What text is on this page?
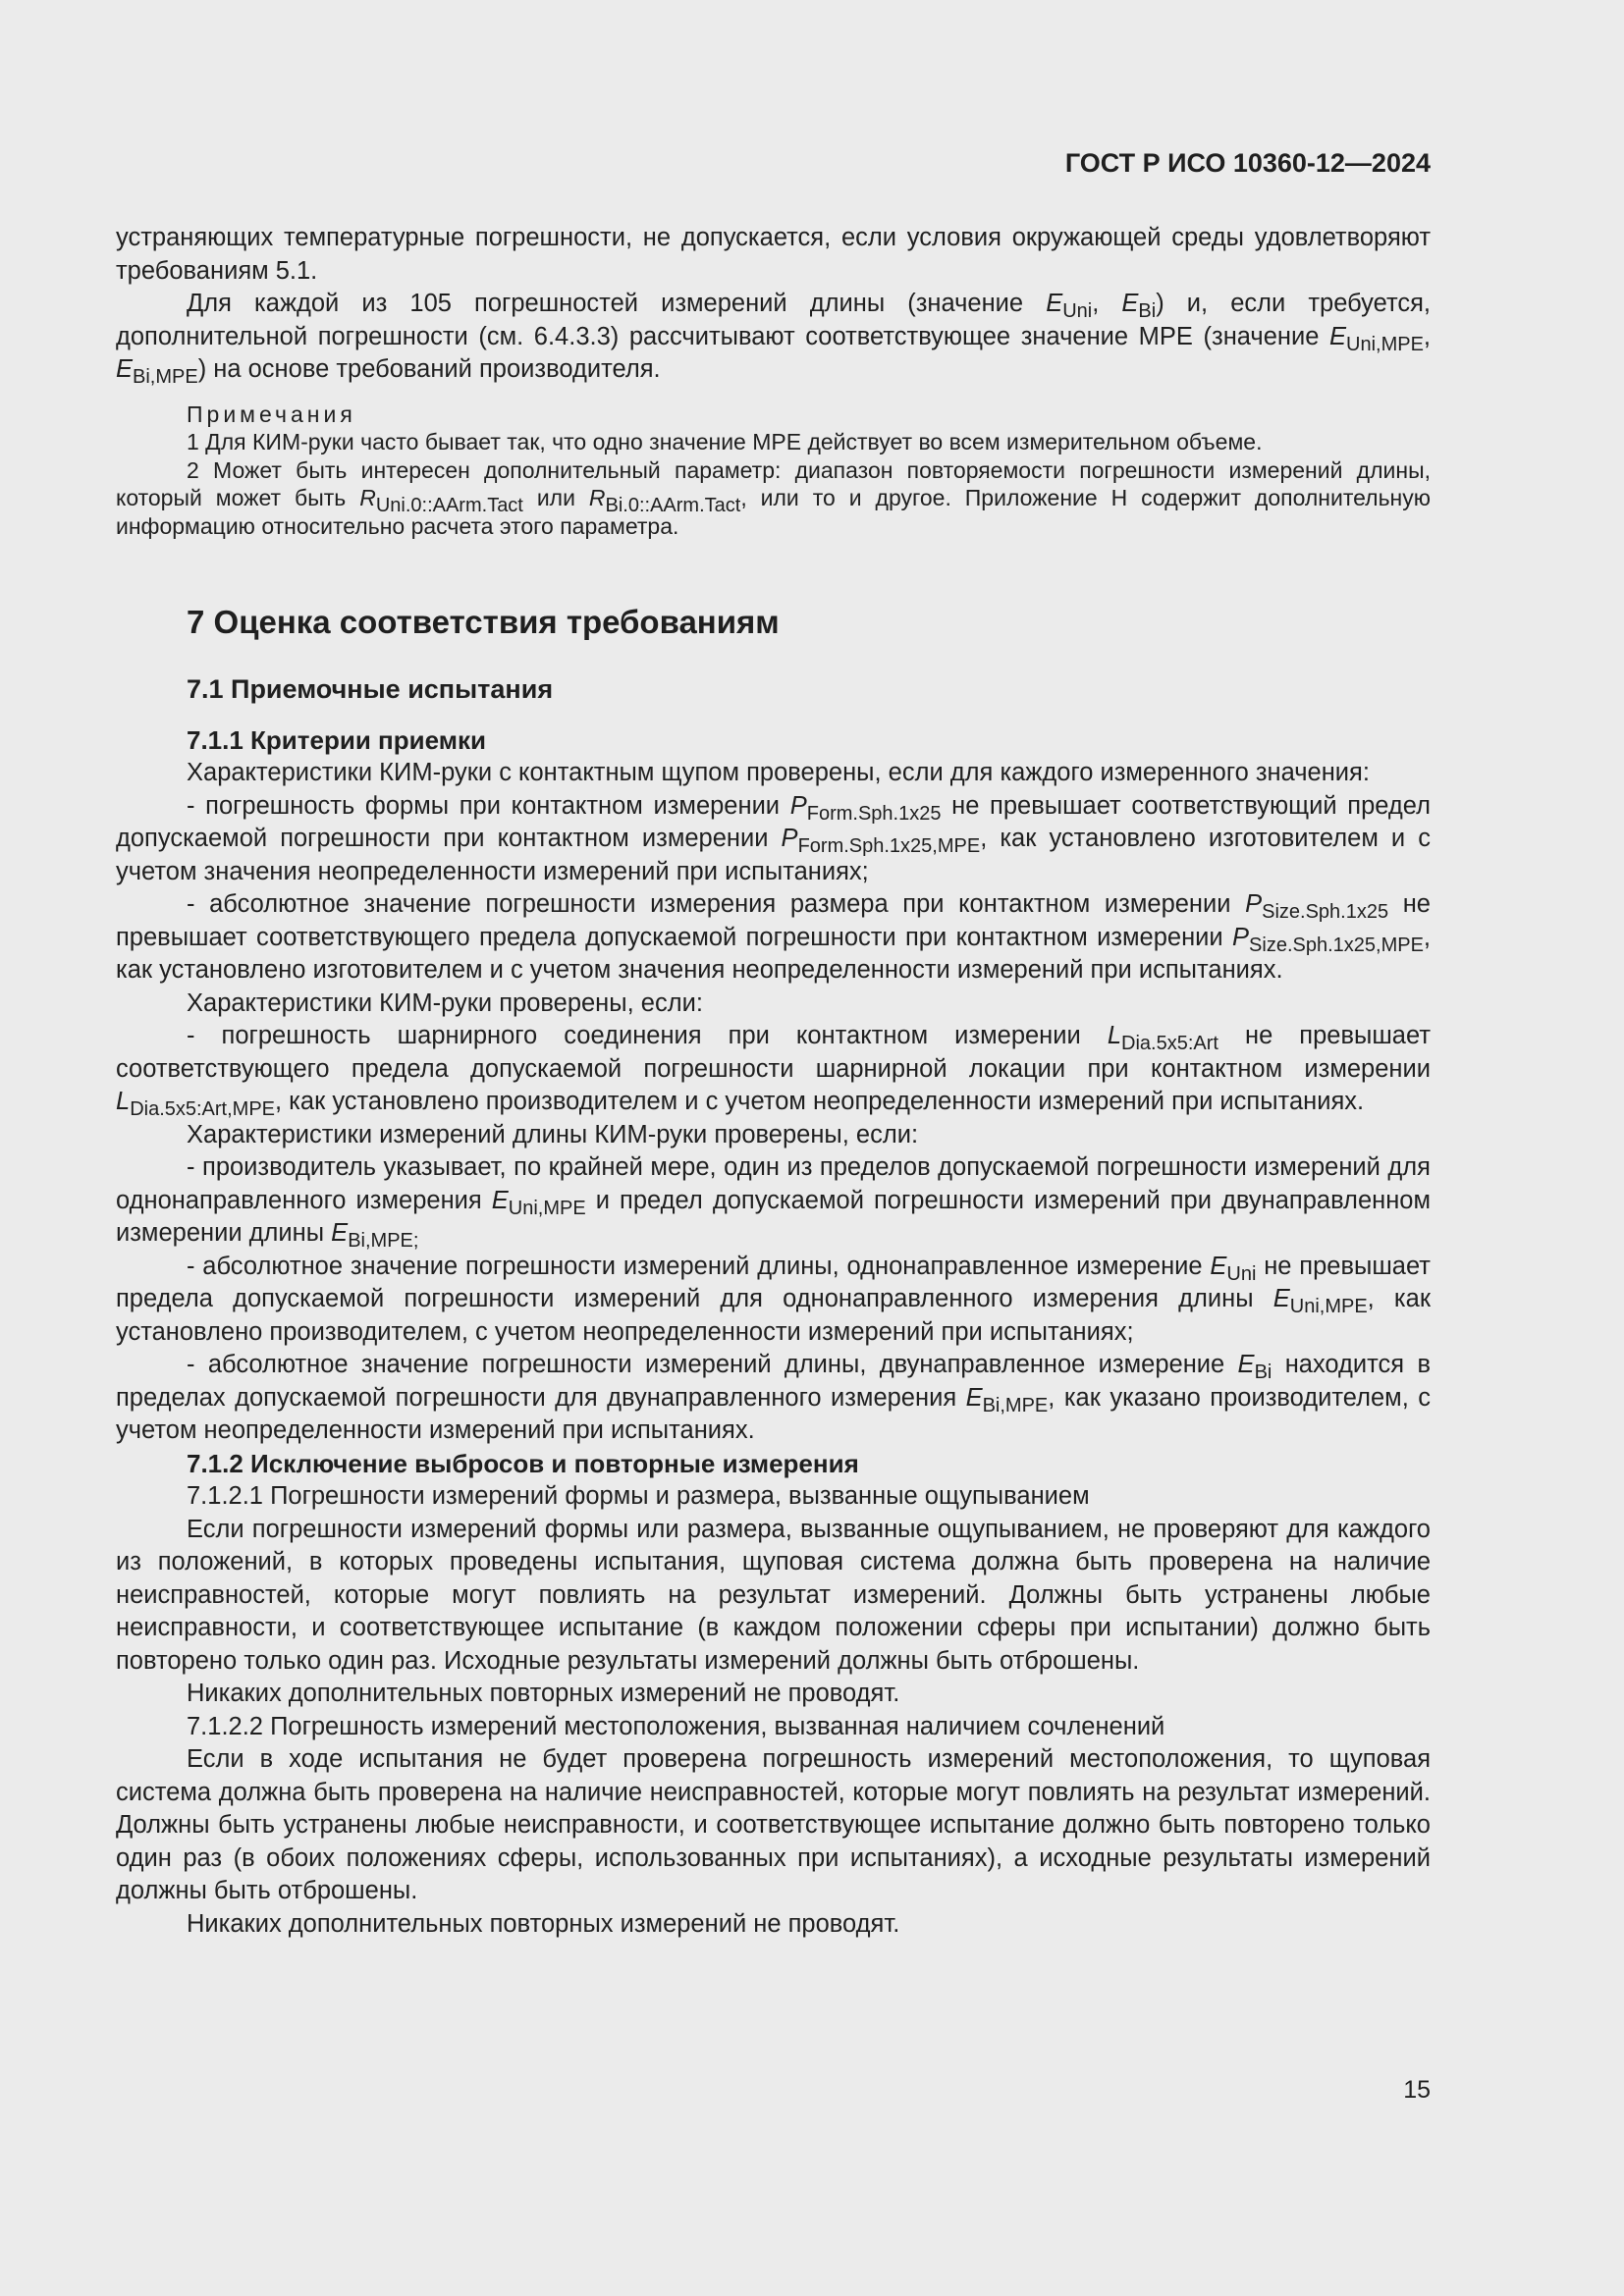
ГОСТ Р ИСО 10360-12—2024

устраняющих температурные погрешности, не допускается, если условия окружающей среды удовлетворяют требованиям 5.1.

Для каждой из 105 погрешностей измерений длины (значение $E_{Uni}$, $E_{Bi}$) и, если требуется, дополнительной погрешности (см. 6.4.3.3) рассчитывают соответствующее значение MPE (значение $E_{Uni,MPE}$, $E_{Bi,MPE}$) на основе требований производителя.

Примечания

1 Для КИМ-руки часто бывает так, что одно значение MPE действует во всем измерительном объеме.

2 Может быть интересен дополнительный параметр: диапазон повторяемости погрешности измерений длины, который может быть $R_{Uni.0::AArm.Tact}$ или $R_{Bi.0::AArm.Tact}$, или то и другое. Приложение H содержит дополнительную информацию относительно расчета этого параметра.

7 Оценка соответствия требованиям
7.1 Приемочные испытания
7.1.1 Критерии приемки

Характеристики КИМ-руки с контактным щупом проверены, если для каждого измеренного значения:

- погрешность формы при контактном измерении $P_{Form.Sph.1x25}$ не превышает соответствующий предел допускаемой погрешности при контактном измерении $P_{Form.Sph.1x25,MPE}$, как установлено изготовителем и с учетом значения неопределенности измерений при испытаниях;

- абсолютное значение погрешности измерения размера при контактном измерении $P_{Size.Sph.1x25}$ не превышает соответствующего предела допускаемой погрешности при контактном измерении $P_{Size.Sph.1x25,MPE}$, как установлено изготовителем и с учетом значения неопределенности измерений при испытаниях.

Характеристики КИМ-руки проверены, если:

- погрешность шарнирного соединения при контактном измерении $L_{Dia.5x5:Art}$ не превышает соответствующего предела допускаемой погрешности шарнирной локации при контактном измерении $L_{Dia.5x5:Art,MPE}$, как установлено производителем и с учетом неопределенности измерений при испытаниях.

Характеристики измерений длины КИМ-руки проверены, если:

- производитель указывает, по крайней мере, один из пределов допускаемой погрешности измерений для однонаправленного измерения $E_{Uni,MPE}$ и предел допускаемой погрешности измерений при двунаправленном измерении длины $E_{Bi,MPE;}$

- абсолютное значение погрешности измерений длины, однонаправленное измерение $E_{Uni}$ не превышает предела допускаемой погрешности измерений для однонаправленного измерения длины $E_{Uni,MPE}$, как установлено производителем, с учетом неопределенности измерений при испытаниях;

- абсолютное значение погрешности измерений длины, двунаправленное измерение $E_{Bi}$ находится в пределах допускаемой погрешности для двунаправленного измерения $E_{Bi,MPE}$, как указано производителем, с учетом неопределенности измерений при испытаниях.

7.1.2 Исключение выбросов и повторные измерения

7.1.2.1 Погрешности измерений формы и размера, вызванные ощупыванием

Если погрешности измерений формы или размера, вызванные ощупыванием, не проверяют для каждого из положений, в которых проведены испытания, щуповая система должна быть проверена на наличие неисправностей, которые могут повлиять на результат измерений. Должны быть устранены любые неисправности, и соответствующее испытание (в каждом положении сферы при испытании) должно быть повторено только один раз. Исходные результаты измерений должны быть отброшены.

Никаких дополнительных повторных измерений не проводят.

7.1.2.2 Погрешность измерений местоположения, вызванная наличием сочленений

Если в ходе испытания не будет проверена погрешность измерений местоположения, то щуповая система должна быть проверена на наличие неисправностей, которые могут повлиять на результат измерений. Должны быть устранены любые неисправности, и соответствующее испытание должно быть повторено только один раз (в обоих положениях сферы, использованных при испытаниях), а исходные результаты измерений должны быть отброшены.

Никаких дополнительных повторных измерений не проводят.

15
